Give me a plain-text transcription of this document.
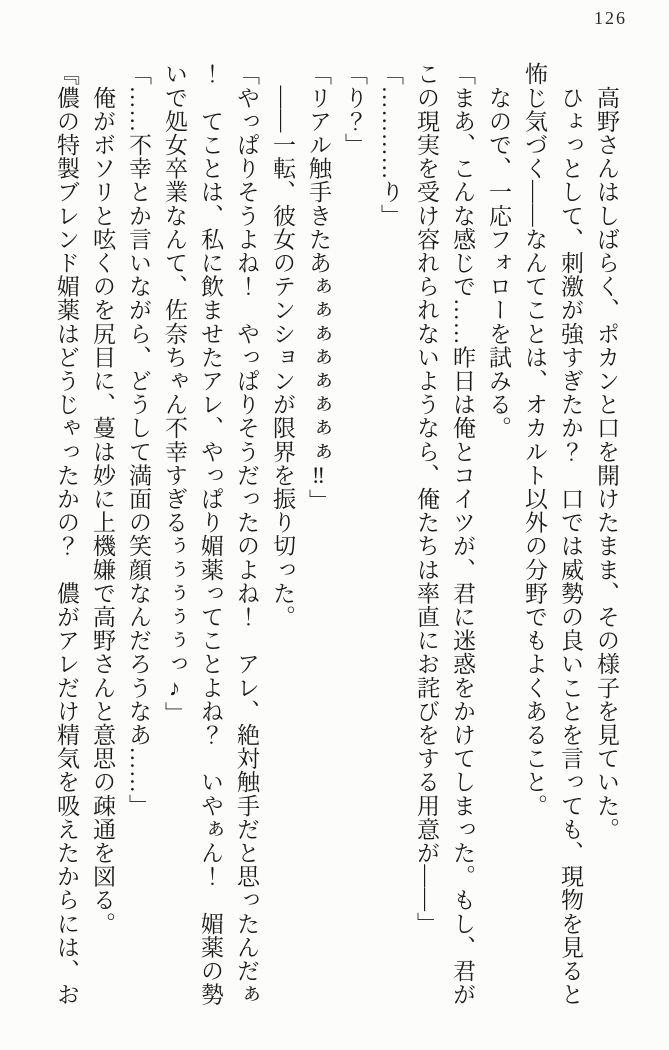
126

　高野さんはしばらく、ポカンと口を開けたまま、その様子を見ていた。

　ひょっとして、刺激が強すぎたか？　口では威勢の良いことを言っても、現物を見ると怖じ気づく――なんてことは、オカルト以外の分野でもよくあること。

　なので、一応フォローを試みる。

「まあ、こんな感じで……昨日は俺とコイツが、君に迷惑をかけてしまった。もし、君がこの現実を受け容れられないようなら、俺たちは率直にお詫びをする用意が――」

「…………り」

「り？」

「リアル触手きたあぁぁぁぁぁぁぁぁ‼」

　――一転、彼女のテンションが限界を振り切った。

「やっぱりそうよね！　やっぱりそうだったのよね！　アレ、絶対触手だと思ったんだぁ！　てことは、私に飲ませたアレ、やっぱり媚薬ってことよね？　いやぁん！　媚薬の勢いで処女卒業なんて、佐奈ちゃん不幸すぎるぅぅぅぅぅっ♪」

「……不幸とか言いながら、どうして満面の笑顔なんだろうなあ……」

　俺がボソリと呟くのを尻目に、蔓は妙に上機嫌で高野さんと意思の疎通を図る。

『儂の特製ブレンド媚薬はどうじゃったかの？　儂がアレだけ精気を吸えたからには、お
